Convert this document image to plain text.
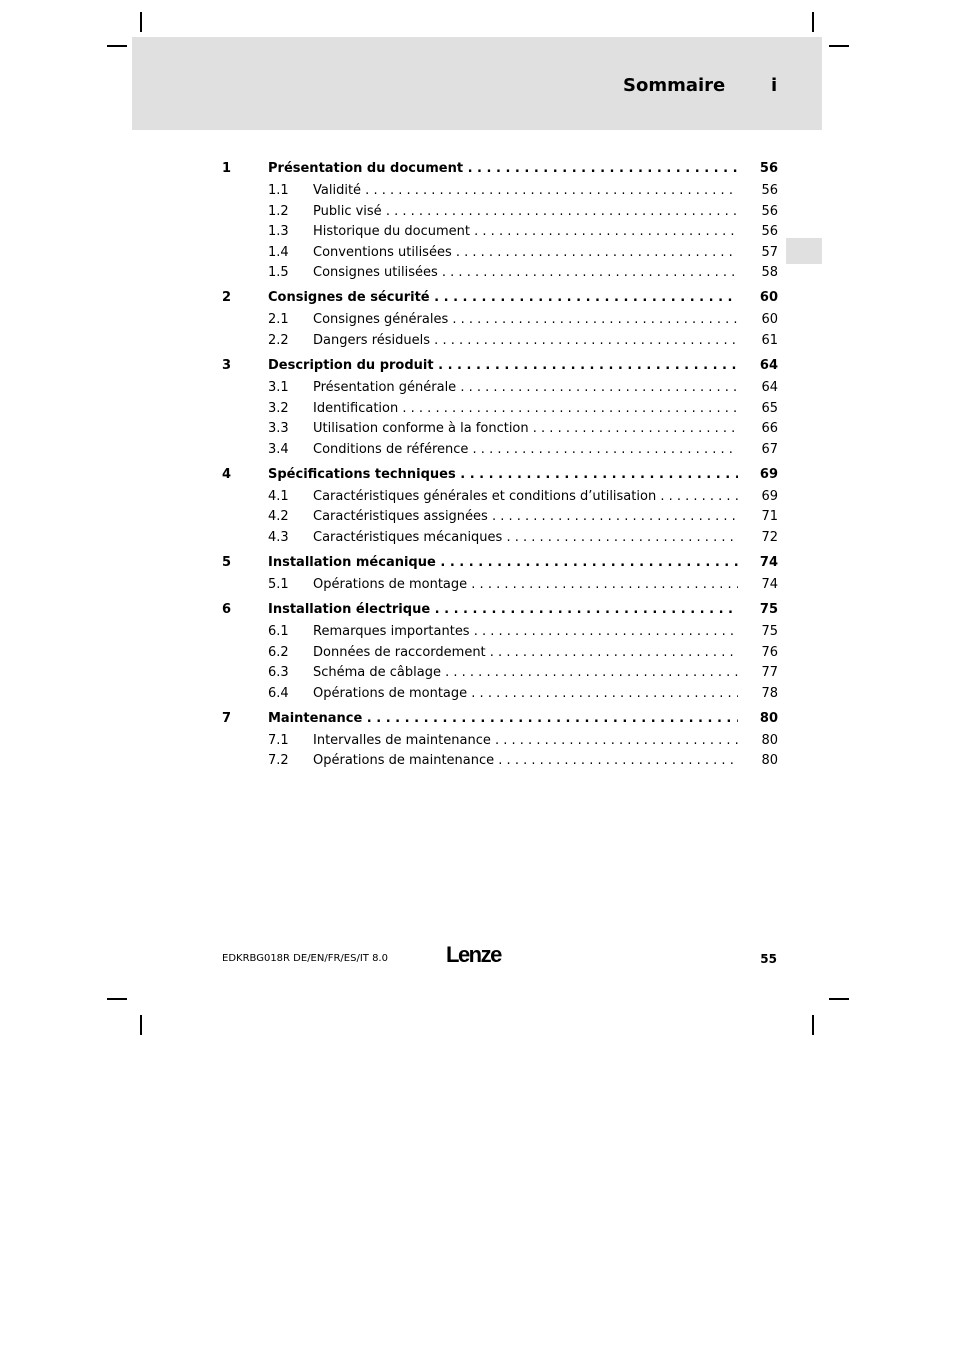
Sommaire	i
1	Présentation du document . . .	56
1.1 Validité . . .	56
1.2 Public visé . . .	56
1.3 Historique du document . . .	56
1.4 Conventions utilisées . . .	57
1.5 Consignes utilisées . . .	58
2	Consignes de sécurité . . .	60
2.1 Consignes générales . . .	60
2.2 Dangers résiduels . . .	61
3	Description du produit . . .	64
3.1 Présentation générale . . .	64
3.2 Identification . . .	65
3.3 Utilisation conforme à la fonction . . .	66
3.4 Conditions de référence . . .	67
4	Spécifications techniques . . .	69
4.1 Caractéristiques générales et conditions d’utilisation . . .	69
4.2 Caractéristiques assignées . . .	71
4.3 Caractéristiques mécaniques . . .	72
5	Installation mécanique . . .	74
5.1 Opérations de montage . . .	74
6	Installation électrique . . .	75
6.1 Remarques importantes . . .	75
6.2 Données de raccordement . . .	76
6.3 Schéma de câblage . . .	77
6.4 Opérations de montage . . .	78
7	Maintenance . . .	80
7.1 Intervalles de maintenance . . .	80
7.2 Opérations de maintenance . . .	80
EDKRBG018R DE/EN/FR/ES/IT 8.0	Lenze	55
